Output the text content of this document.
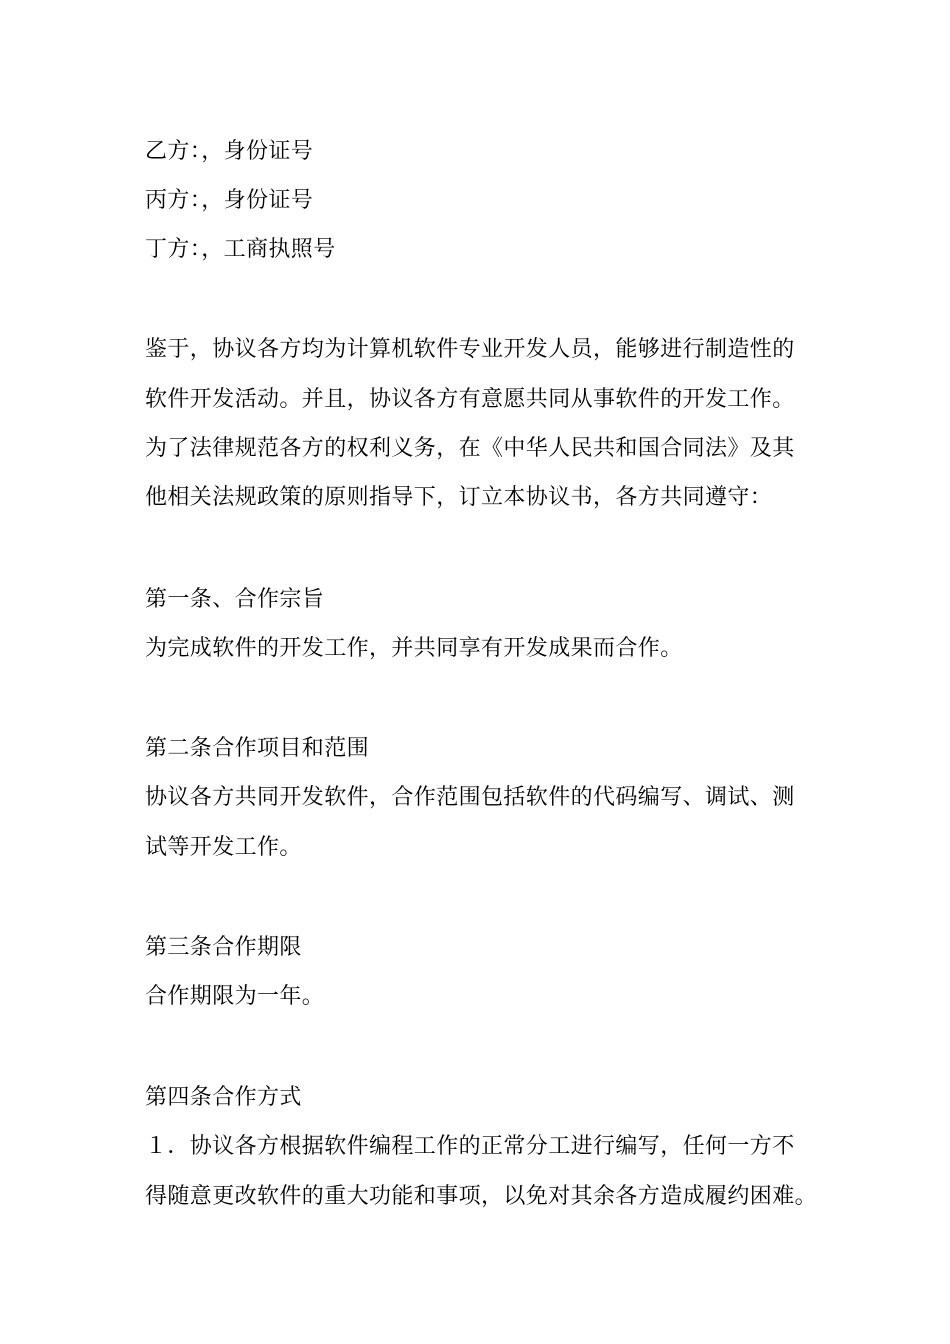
乙方：，身份证号
丙方：，身份证号
丁方：，工商执照号
鉴于，协议各方均为计算机软件专业开发人员，能够进行制造性的
软件开发活动。并且，协议各方有意愿共同从事软件的开发工作。
为了法律规范各方的权利义务，在《中华人民共和国合同法》及其
他相关法规政策的原则指导下，订立本协议书，各方共同遵守：
第一条、合作宗旨
为完成软件的开发工作，并共同享有开发成果而合作。
第二条合作项目和范围
协议各方共同开发软件，合作范围包括软件的代码编写、调试、测
试等开发工作。
第三条合作期限
合作期限为一年。
第四条合作方式
１．协议各方根据软件编程工作的正常分工进行编写，任何一方不
得随意更改软件的重大功能和事项，以免对其余各方造成履约困难。
